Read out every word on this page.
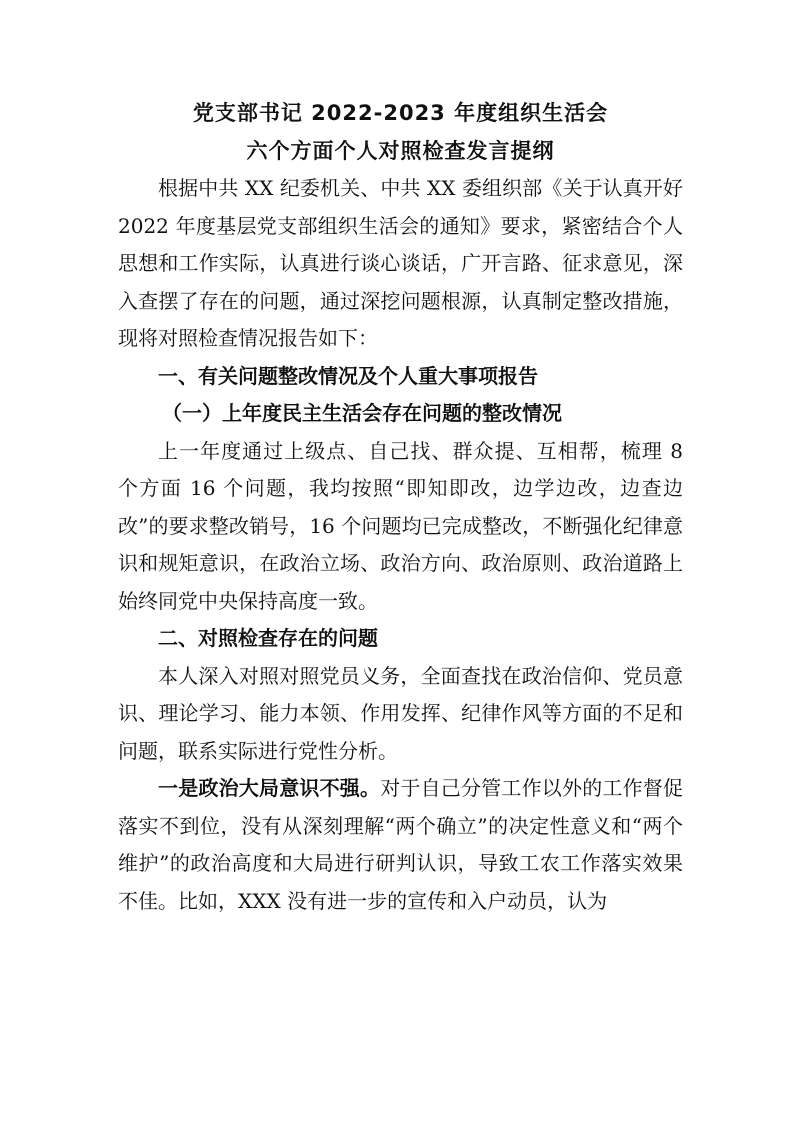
党支部书记 2022-2023 年度组织生活会

六个方面个人对照检查发言提纲

根据中共 XX 纪委机关、中共 XX 委组织部《关于认真开好 2022 年度基层党支部组织生活会的通知》要求，紧密结合个人思想和工作实际，认真进行谈心谈话，广开言路、征求意见，深入查摆了存在的问题，通过深挖问题根源，认真制定整改措施，现将对照检查情况报告如下：

一、有关问题整改情况及个人重大事项报告

（一）上年度民主生活会存在问题的整改情况

上一年度通过上级点、自己找、群众提、互相帮，梳理 8 个方面 16 个问题，我均按照“即知即改，边学边改，边查边改”的要求整改销号，16 个问题均已完成整改，不断强化纪律意识和规矩意识，在政治立场、政治方向、政治原则、政治道路上始终同党中央保持高度一致。

二、对照检查存在的问题

本人深入对照对照党员义务，全面查找在政治信仰、党员意识、理论学习、能力本领、作用发挥、纪律作风等方面的不足和问题，联系实际进行党性分析。

一是政治大局意识不强。对于自己分管工作以外的工作督促落实不到位，没有从深刻理解“两个确立”的决定性意义和“两个维护”的政治高度和大局进行研判认识，导致工农工作落实效果不佳。比如，XXX 没有进一步的宣传和入户动员，认为
